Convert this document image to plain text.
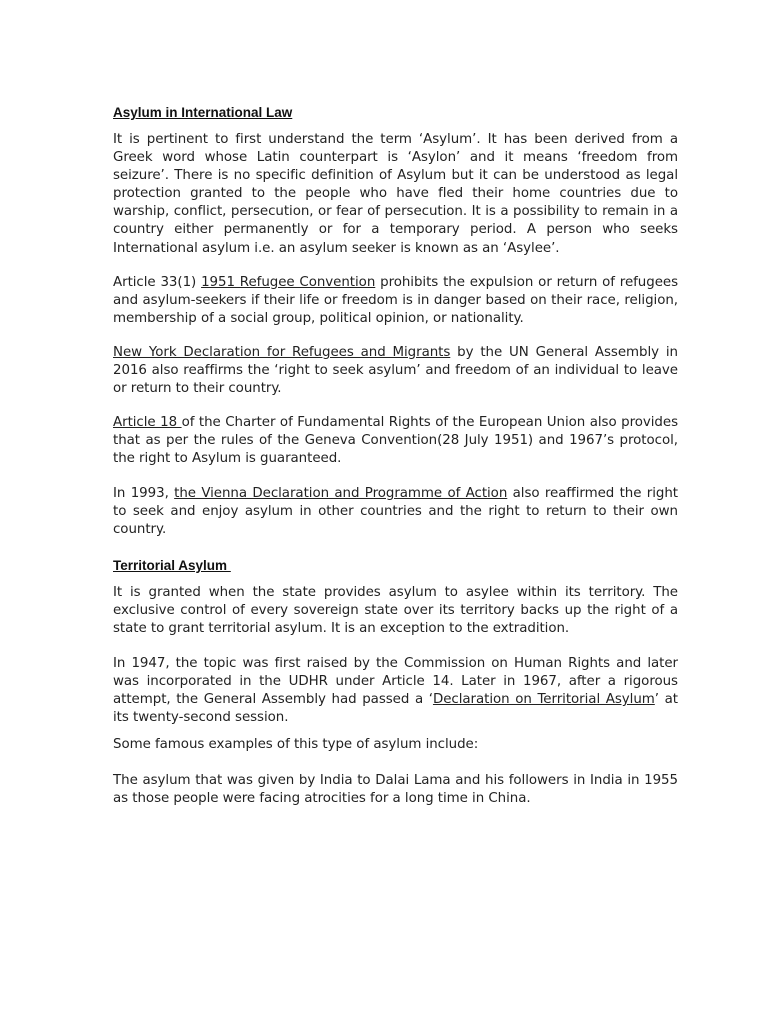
Asylum in International Law

It is pertinent to first understand the term ‘Asylum’. It has been derived from a Greek word whose Latin counterpart is ‘Asylon’ and it means ‘freedom from seizure’. There is no specific definition of Asylum but it can be understood as legal protection granted to the people who have fled their home countries due to warship, conflict, persecution, or fear of persecution. It is a possibility to remain in a country either permanently or for a temporary period. A person who seeks International asylum i.e. an asylum seeker is known as an ‘Asylee’.

Article 33(1) 1951 Refugee Convention prohibits the expulsion or return of refugees and asylum-seekers if their life or freedom is in danger based on their race, religion, membership of a social group, political opinion, or nationality.

New York Declaration for Refugees and Migrants by the UN General Assembly in 2016 also reaffirms the ‘right to seek asylum’ and freedom of an individual to leave or return to their country.

Article 18 of the Charter of Fundamental Rights of the European Union also provides that as per the rules of the Geneva Convention(28 July 1951) and 1967’s protocol, the right to Asylum is guaranteed.

In 1993, the Vienna Declaration and Programme of Action also reaffirmed the right to seek and enjoy asylum in other countries and the right to return to their own country.

Territorial Asylum

It is granted when the state provides asylum to asylee within its territory. The exclusive control of every sovereign state over its territory backs up the right of a state to grant territorial asylum. It is an exception to the extradition.

In 1947, the topic was first raised by the Commission on Human Rights and later was incorporated in the UDHR under Article 14. Later in 1967, after a rigorous attempt, the General Assembly had passed a ‘Declaration on Territorial Asylum’ at its twenty-second session.

Some famous examples of this type of asylum include:

The asylum that was given by India to Dalai Lama and his followers in India in 1955 as those people were facing atrocities for a long time in China.
